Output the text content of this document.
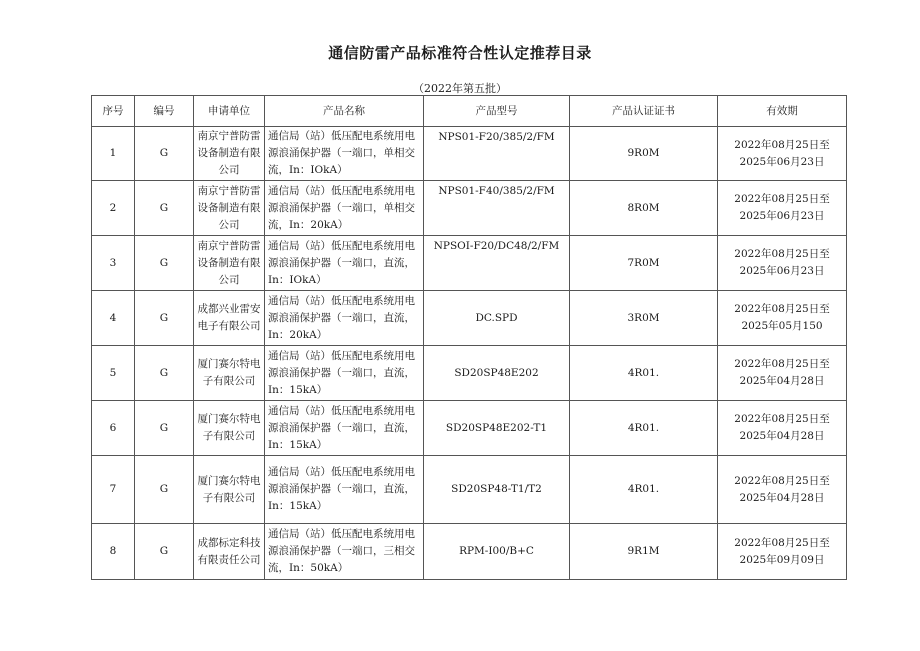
通信防雷产品标准符合性认定推荐目录
（2022年第五批）
序号	编号	申请单位	产品名称	产品型号	产品认证证书	有效期
1	G	南京宁普防雷设备制造有限公司	通信局（站）低压配电系统用电源浪涌保护器（一端口，单相交流，In：IOkA）	NPS01-F20/385/2/FM	9R0M	2022年08月25日至
2025年06月23日
2	G	南京宁普防雷设备制造有限公司	通信局（站）低压配电系统用电源浪涌保护器（一端口，单相交流，In：20kA）	NPS01-F40/385/2/FM	8R0M	2022年08月25日至
2025年06月23日
3	G	南京宁普防雷设备制造有限公司	通信局（站）低压配电系统用电源浪涌保护器（一端口，直流，In：IOkA）	NPSOI-F20/DC48/2/FM	7R0M	2022年08月25日至
2025年06月23日
4	G	成都兴业雷安电子有限公司	通信局（站）低压配电系统用电源浪涌保护器（一端口，直流，In：20kA）	DC.SPD	3R0M	2022年08月25日至
2025年05月150
5	G	厦门赛尔特电子有限公司	通信局（站）低压配电系统用电源浪涌保护器（一端口，直流，In：15kA）	SD20SP48E202	4R01.	2022年08月25日至
2025年04月28日
6	G	厦门赛尔特电子有限公司	通信局（站）低压配电系统用电源浪涌保护器（一端口，直流，In：15kA）	SD20SP48E202-T1	4R01.	2022年08月25日至
2025年04月28日
7	G	厦门赛尔特电子有限公司	通信局（站）低压配电系统用电源浪涌保护器（一端口，直流，In：15kA）	SD20SP48-T1/T2	4R01.	2022年08月25日至
2025年04月28日
8	G	成都标定科技有限责任公司	通信局（站）低压配电系统用电源浪涌保护器（一端口，三相交流，In：50kA）	RPM-I00/B+C	9R1M	2022年08月25日至
2025年09月09日
